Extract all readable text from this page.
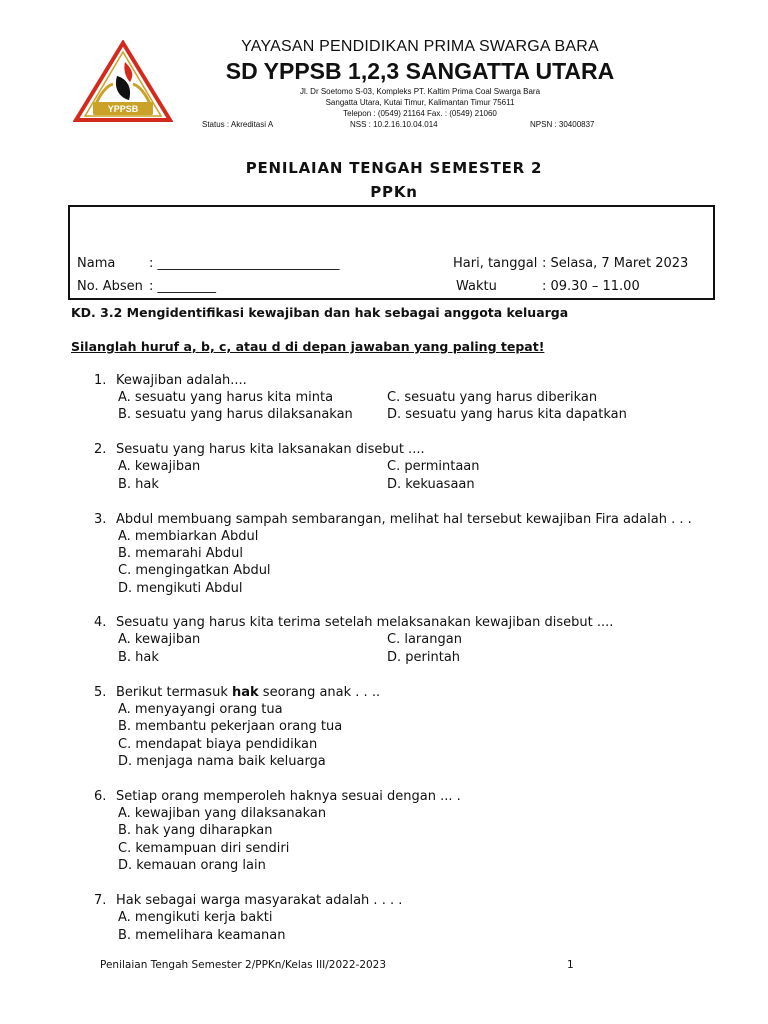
YPPSB
YAYASAN PENDIDIKAN PRIMA SWARGA BARA
SD YPPSB 1,2,3 SANGATTA UTARA
Jl. Dr Soetomo S-03, Kompleks PT. Kaltim Prima Coal Swarga Bara
Sangatta Utara, Kutai Timur, Kalimantan Timur 75611
Telepon : (0549) 21164 Fax. : (0549) 21060
Status : Akreditasi A	NSS : 10.2.16.10.04.014	NPSN : 30400837
PENILAIAN TENGAH SEMESTER 2
PPKn
Nama	: ____________________________
No. Absen : _________
Hari, tanggal : Selasa, 7 Maret 2023
Waktu	: 09.30 – 11.00
KD. 3.2 Mengidentifikasi kewajiban dan hak sebagai anggota keluarga
Silanglah huruf a, b, c, atau d di depan jawaban yang paling tepat!
1. Kewajiban adalah....
A. sesuatu yang harus kita minta
B. sesuatu yang harus dilaksanakan
C. sesuatu yang harus diberikan
D. sesuatu yang harus kita dapatkan
2. Sesuatu yang harus kita laksanakan disebut ....
A. kewajiban
B. hak
C. permintaan
D. kekuasaan
3. Abdul membuang sampah sembarangan, melihat hal tersebut kewajiban Fira adalah . . .
A. membiarkan Abdul
B. memarahi Abdul
C. mengingatkan Abdul
D. mengikuti Abdul
4. Sesuatu yang harus kita terima setelah melaksanakan kewajiban disebut ....
A. kewajiban
B. hak
C. larangan
D. perintah
5. Berikut termasuk hak seorang anak . . ..
A. menyayangi orang tua
B. membantu pekerjaan orang tua
C. mendapat biaya pendidikan
D. menjaga nama baik keluarga
6. Setiap orang memperoleh haknya sesuai dengan ... .
A. kewajiban yang dilaksanakan
B. hak yang diharapkan
C. kemampuan diri sendiri
D. kemauan orang lain
7. Hak sebagai warga masyarakat adalah . . . .
A. mengikuti kerja bakti
B. memelihara keamanan
Penilaian Tengah Semester 2/PPKn/Kelas III/2022-2023	1
